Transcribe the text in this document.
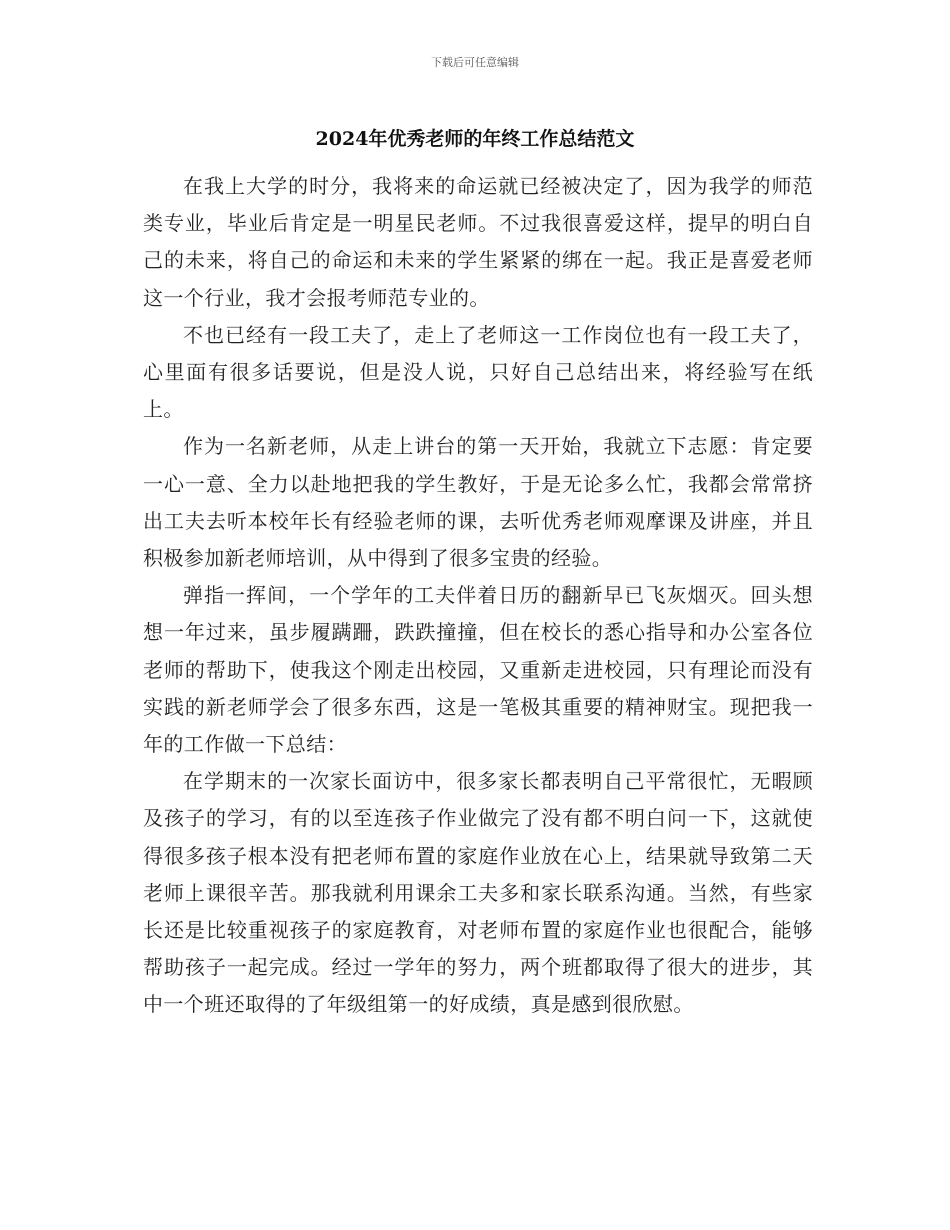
下载后可任意编辑
2024年优秀老师的年终工作总结范文

在我上大学的时分，我将来的命运就已经被决定了，因为我学的师范类专业，毕业后肯定是一明星民老师。不过我很喜爱这样，提早的明白自己的未来，将自己的命运和未来的学生紧紧的绑在一起。我正是喜爱老师这一个行业，我才会报考师范专业的。

不也已经有一段工夫了，走上了老师这一工作岗位也有一段工夫了，心里面有很多话要说，但是没人说，只好自己总结出来，将经验写在纸上。

作为一名新老师，从走上讲台的第一天开始，我就立下志愿：肯定要一心一意、全力以赴地把我的学生教好，于是无论多么忙，我都会常常挤出工夫去听本校年长有经验老师的课，去听优秀老师观摩课及讲座，并且积极参加新老师培训，从中得到了很多宝贵的经验。

弹指一挥间，一个学年的工夫伴着日历的翻新早已飞灰烟灭。回头想想一年过来，虽步履蹒跚，跌跌撞撞，但在校长的悉心指导和办公室各位老师的帮助下，使我这个刚走出校园，又重新走进校园，只有理论而没有实践的新老师学会了很多东西，这是一笔极其重要的精神财宝。现把我一年的工作做一下总结：

在学期末的一次家长面访中，很多家长都表明自己平常很忙，无暇顾及孩子的学习，有的以至连孩子作业做完了没有都不明白问一下，这就使得很多孩子根本没有把老师布置的家庭作业放在心上，结果就导致第二天老师上课很辛苦。那我就利用课余工夫多和家长联系沟通。当然，有些家长还是比较重视孩子的家庭教育，对老师布置的家庭作业也很配合，能够帮助孩子一起完成。经过一学年的努力，两个班都取得了很大的进步，其中一个班还取得的了年级组第一的好成绩，真是感到很欣慰。
